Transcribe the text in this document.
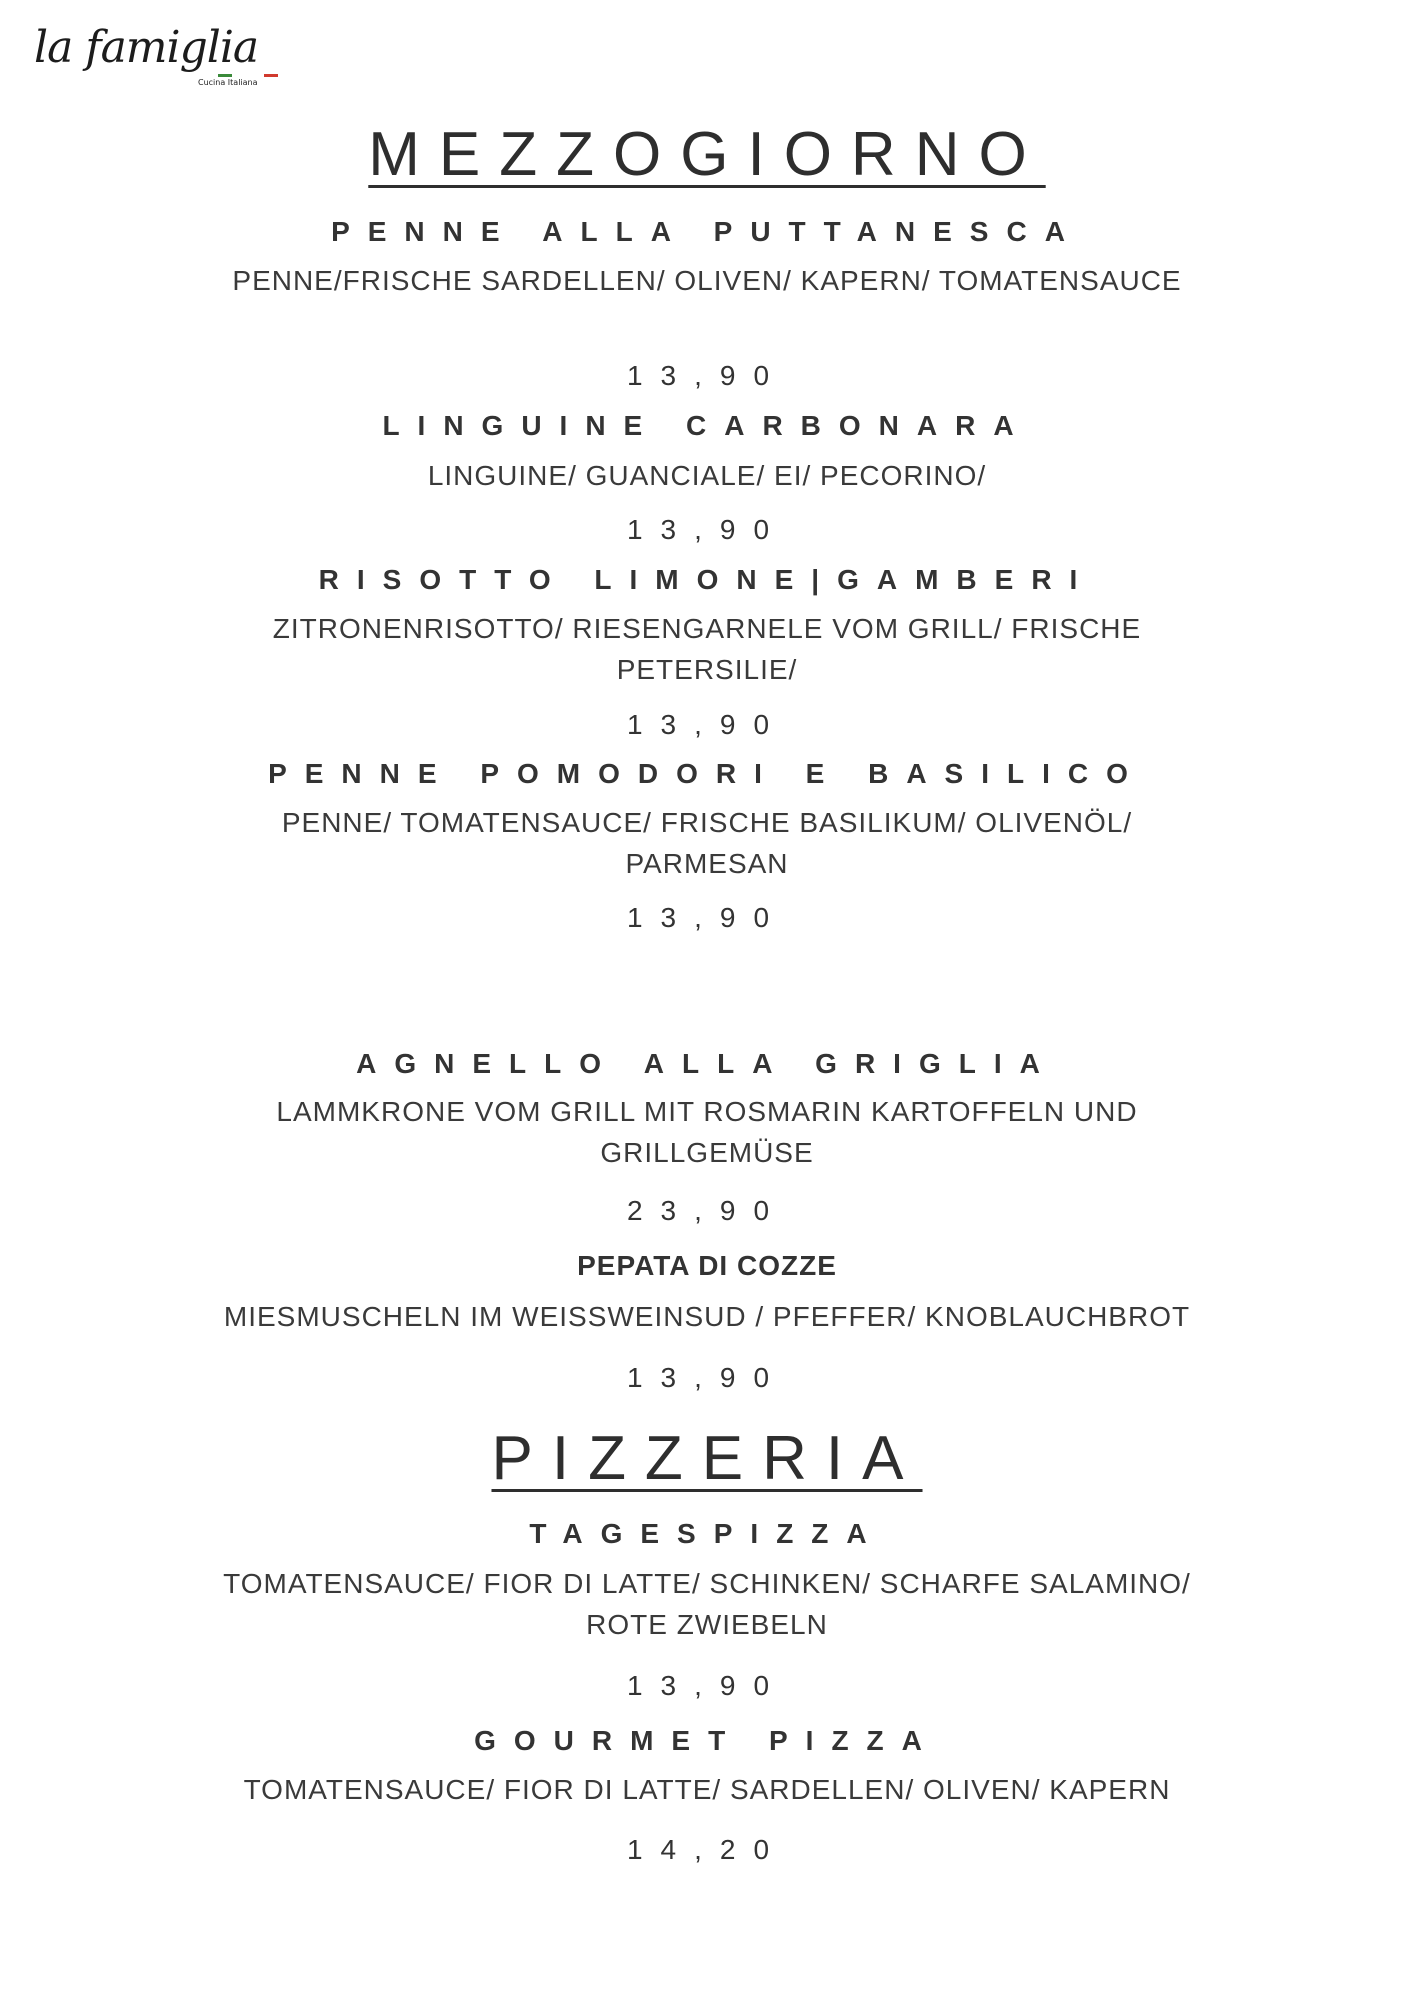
la famiglia
Cucina Italiana
MEZZOGIORNO
PENNE ALLA PUTTANESCA
PENNE/FRISCHE SARDELLEN/ OLIVEN/ KAPERN/ TOMATENSAUCE
13,90
LINGUINE CARBONARA
LINGUINE/ GUANCIALE/ EI/ PECORINO/
13,90
RISOTTO LIMONE|GAMBERI
ZITRONENRISOTTO/ RIESENGARNELE VOM GRILL/ FRISCHE PETERSILIE/
13,90
PENNE POMODORI E BASILICO
PENNE/ TOMATENSAUCE/ FRISCHE BASILIKUM/ OLIVENÖL/ PARMESAN
13,90
AGNELLO ALLA GRIGLIA
LAMMKRONE VOM GRILL MIT ROSMARIN KARTOFFELN UND GRILLGEMÜSE
23,90
PEPATA DI COZZE
MIESMUSCHELN IM WEISSWEINSUD / PFEFFER/ KNOBLAUCHBROT
13,90
PIZZERIA
TAGESPIZZA
TOMATENSAUCE/ FIOR DI LATTE/ SCHINKEN/ SCHARFE SALAMINO/ ROTE ZWIEBELN
13,90
GOURMET PIZZA
TOMATENSAUCE/ FIOR DI LATTE/ SARDELLEN/ OLIVEN/ KAPERN
14,20
